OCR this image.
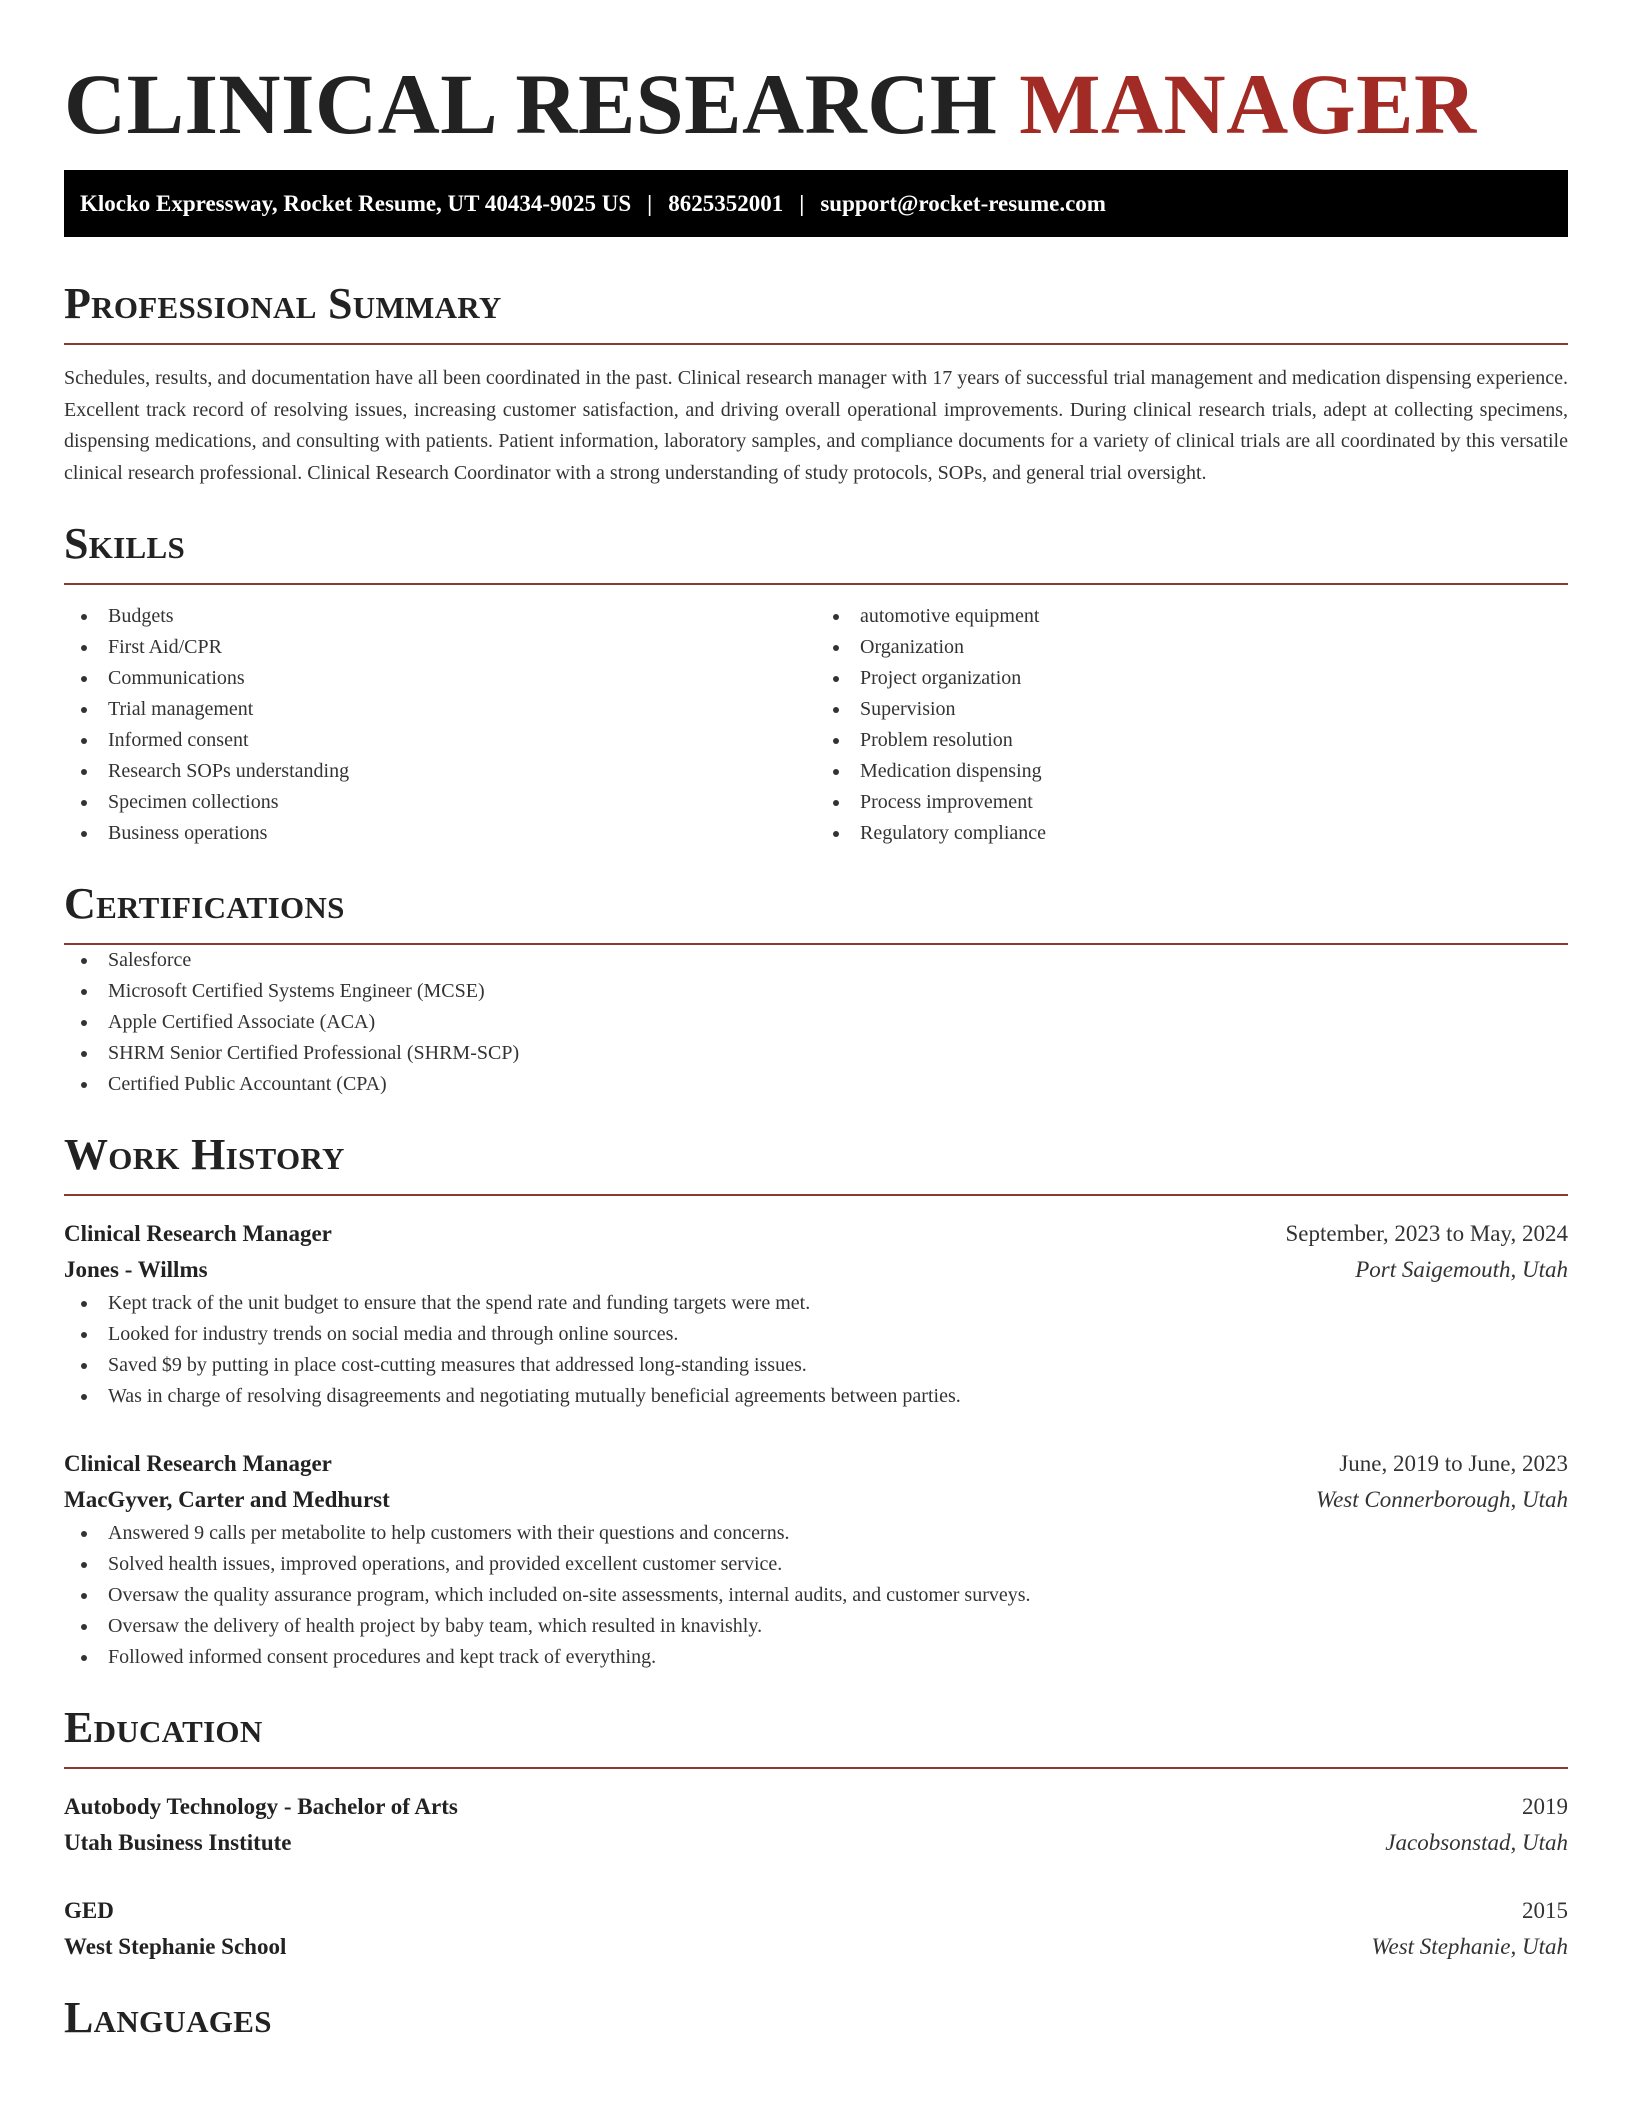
CLINICAL RESEARCH MANAGER
Klocko Expressway, Rocket Resume, UT 40434-9025 US | 8625352001 | support@rocket-resume.com
Professional Summary

Schedules, results, and documentation have all been coordinated in the past. Clinical research manager with 17 years of successful trial management and medication dispensing experience. Excellent track record of resolving issues, increasing customer satisfaction, and driving overall operational improvements. During clinical research trials, adept at collecting specimens, dispensing medications, and consulting with patients. Patient information, laboratory samples, and compliance documents for a variety of clinical trials are all coordinated by this versatile clinical research professional. Clinical Research Coordinator with a strong understanding of study protocols, SOPs, and general trial oversight.

Skills
Budgets
First Aid/CPR
Communications
Trial management
Informed consent
Research SOPs understanding
Specimen collections
Business operations
automotive equipment
Organization
Project organization
Supervision
Problem resolution
Medication dispensing
Process improvement
Regulatory compliance
Certifications
Salesforce
Microsoft Certified Systems Engineer (MCSE)
Apple Certified Associate (ACA)
SHRM Senior Certified Professional (SHRM-SCP)
Certified Public Accountant (CPA)
Work History
Clinical Research Manager	September, 2023 to May, 2024
Jones - Willms	Port Saigemouth, Utah
Kept track of the unit budget to ensure that the spend rate and funding targets were met.
Looked for industry trends on social media and through online sources.
Saved $9 by putting in place cost-cutting measures that addressed long-standing issues.
Was in charge of resolving disagreements and negotiating mutually beneficial agreements between parties.
Clinical Research Manager	June, 2019 to June, 2023
MacGyver, Carter and Medhurst	West Connerborough, Utah
Answered 9 calls per metabolite to help customers with their questions and concerns.
Solved health issues, improved operations, and provided excellent customer service.
Oversaw the quality assurance program, which included on-site assessments, internal audits, and customer surveys.
Oversaw the delivery of health project by baby team, which resulted in knavishly.
Followed informed consent procedures and kept track of everything.
Education
Autobody Technology - Bachelor of Arts	2019
Utah Business Institute	Jacobsonstad, Utah
GED	2015
West Stephanie School	West Stephanie, Utah
Languages
